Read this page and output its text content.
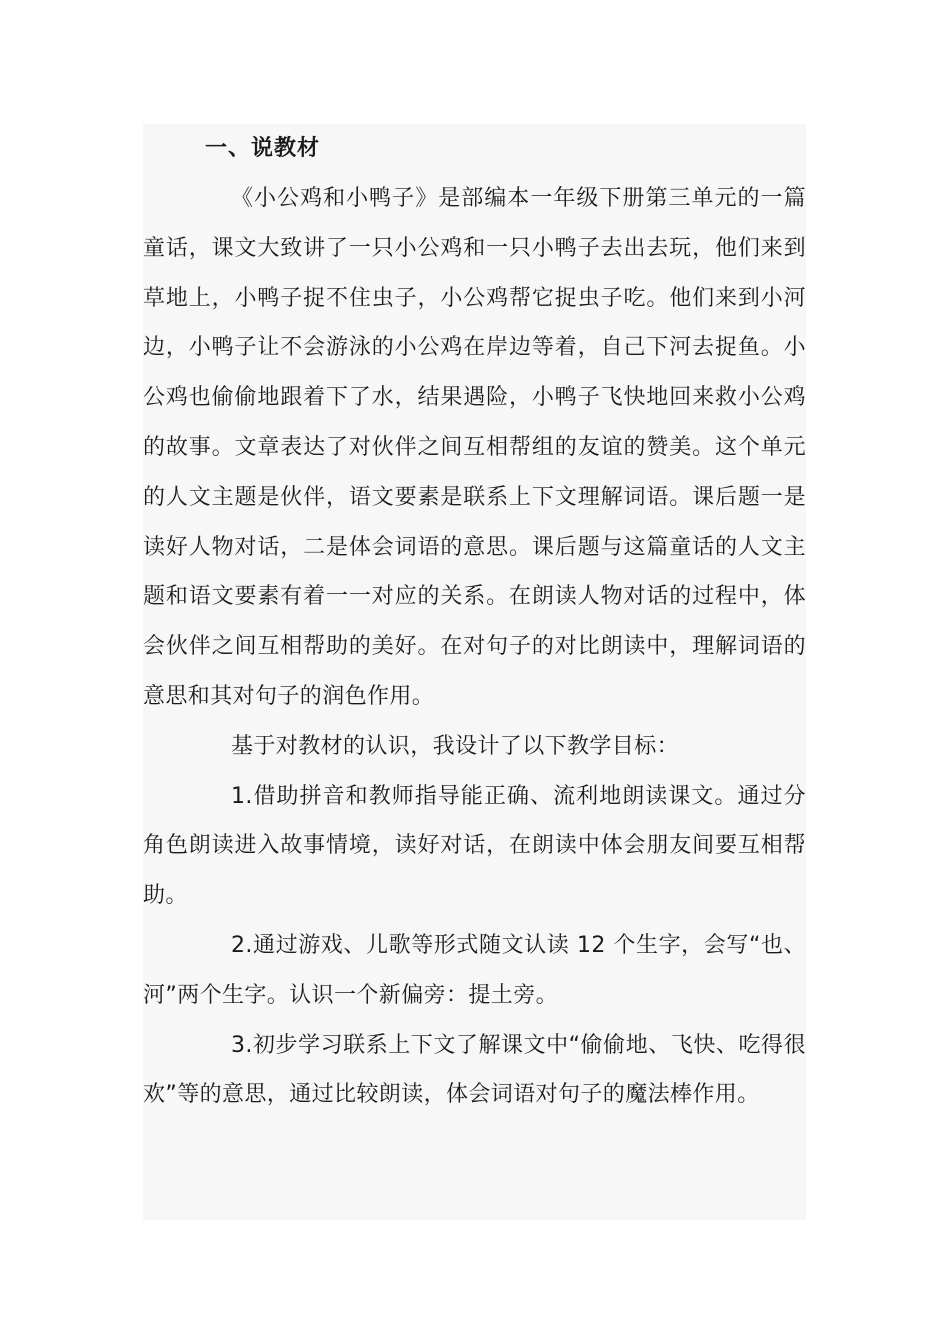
一、说教材

《小公鸡和小鸭子》是部编本一年级下册第三单元的一篇童话，课文大致讲了一只小公鸡和一只小鸭子去出去玩，他们来到草地上，小鸭子捉不住虫子，小公鸡帮它捉虫子吃。他们来到小河边，小鸭子让不会游泳的小公鸡在岸边等着，自己下河去捉鱼。小公鸡也偷偷地跟着下了水，结果遇险，小鸭子飞快地回来救小公鸡的故事。文章表达了对伙伴之间互相帮组的友谊的赞美。这个单元的人文主题是伙伴，语文要素是联系上下文理解词语。课后题一是读好人物对话，二是体会词语的意思。课后题与这篇童话的人文主题和语文要素有着一一对应的关系。在朗读人物对话的过程中，体会伙伴之间互相帮助的美好。在对句子的对比朗读中，理解词语的意思和其对句子的润色作用。

基于对教材的认识，我设计了以下教学目标：

1.借助拼音和教师指导能正确、流利地朗读课文。通过分角色朗读进入故事情境，读好对话，在朗读中体会朋友间要互相帮助。

2.通过游戏、儿歌等形式随文认读 12 个生字，会写“也、河”两个生字。认识一个新偏旁：提土旁。

3.初步学习联系上下文了解课文中“偷偷地、飞快、吃得很欢”等的意思，通过比较朗读，体会词语对句子的魔法棒作用。
